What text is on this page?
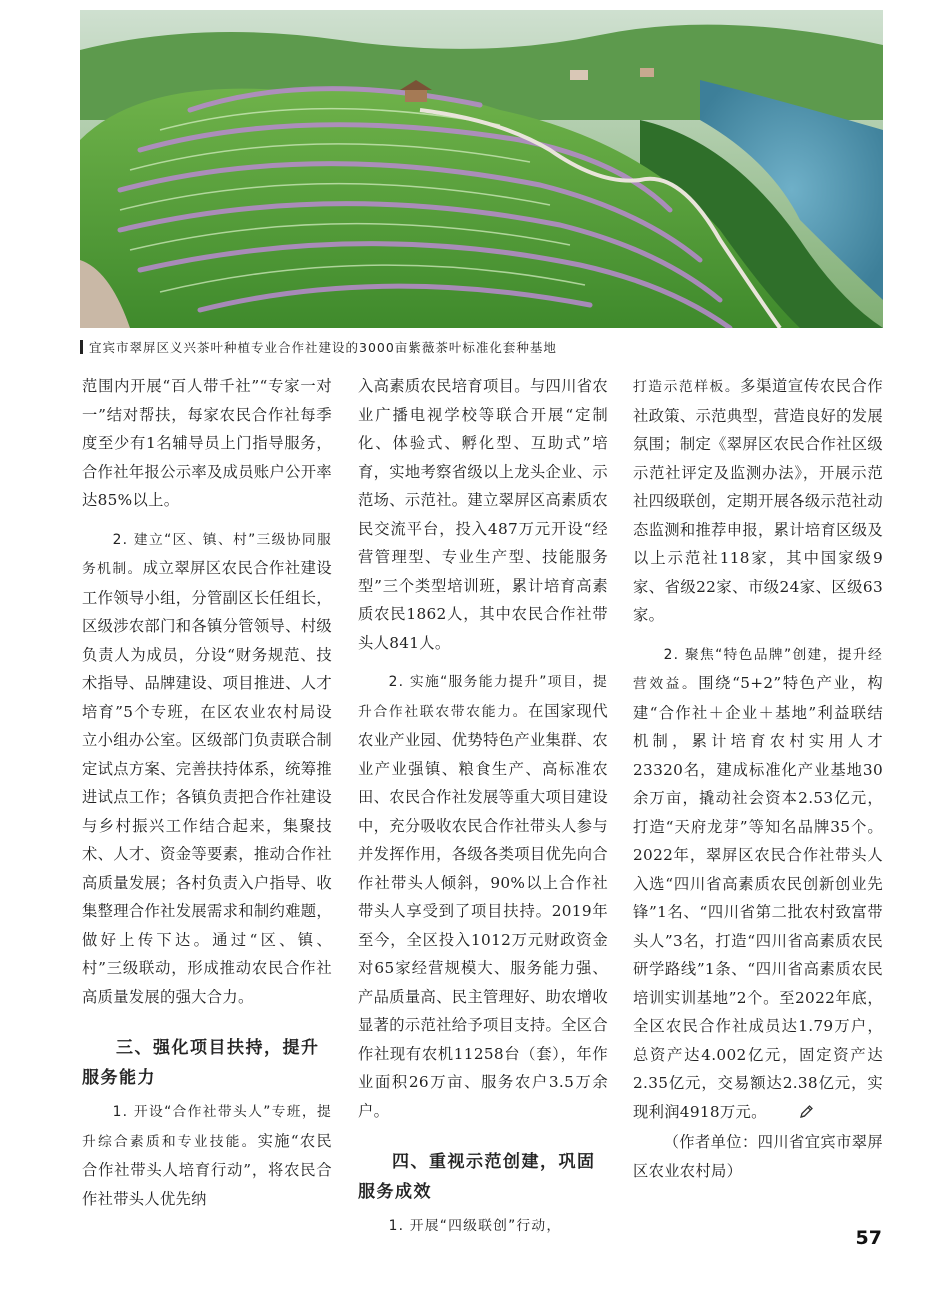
宜宾市翠屏区义兴茶叶种植专业合作社建设的3000亩紫薇茶叶标准化套种基地

范围内开展“百人带千社”“专家一对一”结对帮扶，每家农民合作社每季度至少有1名辅导员上门指导服务，合作社年报公示率及成员账户公开率达85%以上。

2. 建立“区、镇、村”三级协同服务机制。成立翠屏区农民合作社建设工作领导小组，分管副区长任组长，区级涉农部门和各镇分管领导、村级负责人为成员，分设“财务规范、技术指导、品牌建设、项目推进、人才培育”5个专班，在区农业农村局设立小组办公室。区级部门负责联合制定试点方案、完善扶持体系，统筹推进试点工作；各镇负责把合作社建设与乡村振兴工作结合起来，集聚技术、人才、资金等要素，推动合作社高质量发展；各村负责入户指导、收集整理合作社发展需求和制约难题，做好上传下达。通过“区、镇、村”三级联动，形成推动农民合作社高质量发展的强大合力。

三、强化项目扶持，提升
服务能力

1. 开设“合作社带头人”专班，提升综合素质和专业技能。实施“农民合作社带头人培育行动”，将农民合作社带头人优先纳

入高素质农民培育项目。与四川省农业广播电视学校等联合开展“定制化、体验式、孵化型、互助式”培育，实地考察省级以上龙头企业、示范场、示范社。建立翠屏区高素质农民交流平台，投入487万元开设“经营管理型、专业生产型、技能服务型”三个类型培训班，累计培育高素质农民1862人，其中农民合作社带头人841人。

2. 实施“服务能力提升”项目，提升合作社联农带农能力。在国家现代农业产业园、优势特色产业集群、农业产业强镇、粮食生产、高标准农田、农民合作社发展等重大项目建设中，充分吸收农民合作社带头人参与并发挥作用，各级各类项目优先向合作社带头人倾斜，90%以上合作社带头人享受到了项目扶持。2019年至今，全区投入1012万元财政资金对65家经营规模大、服务能力强、产品质量高、民主管理好、助农增收显著的示范社给予项目支持。全区合作社现有农机11258台（套），年作业面积26万亩、服务农户3.5万余户。

四、重视示范创建，巩固
服务成效

1. 开展“四级联创”行动，

打造示范样板。多渠道宣传农民合作社政策、示范典型，营造良好的发展氛围；制定《翠屏区农民合作社区级示范社评定及监测办法》，开展示范社四级联创，定期开展各级示范社动态监测和推荐申报，累计培育区级及以上示范社118家，其中国家级9家、省级22家、市级24家、区级63家。

2. 聚焦“特色品牌”创建，提升经营效益。围绕“5+2”特色产业，构建“合作社＋企业＋基地”利益联结机制，累计培育农村实用人才23320名，建成标准化产业基地30余万亩，撬动社会资本2.53亿元，打造“天府龙芽”等知名品牌35个。2022年，翠屏区农民合作社带头人入选“四川省高素质农民创新创业先锋”1名、“四川省第二批农村致富带头人”3名，打造“四川省高素质农民研学路线”1条、“四川省高素质农民培训实训基地”2个。至2022年底，全区农民合作社成员达1.79万户，总资产达4.002亿元，固定资产达2.35亿元，交易额达2.38亿元，实现利润4918万元。

（作者单位：四川省宜宾市翠屏区农业农村局）

57
